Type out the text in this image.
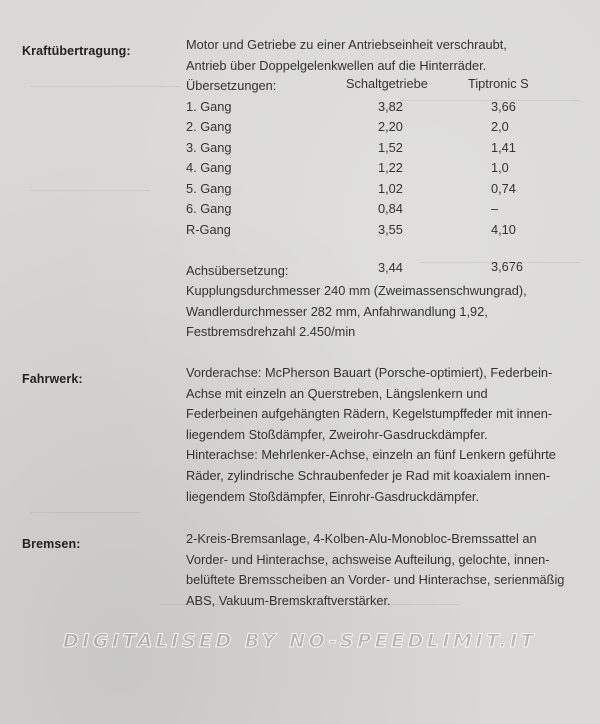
Kraftübertragung:	Motor und Getriebe zu einer Antriebseinheit verschraubt,

Antrieb über Doppelgelenkwellen auf die Hinterräder.

Übersetzungen:	Schaltgetriebe	Tiptronic S
1. Gang	3,82	3,66
2. Gang	2,20	2,0
3. Gang	1,52	1,41
4. Gang	1,22	1,0
5. Gang	1,02	0,74
6. Gang	0,84	–
R-Gang	3,55	4,10
Achsübersetzung:	3,44	3,676

Kupplungsdurchmesser 240 mm (Zweimassenschwungrad),

Wandlerdurchmesser 282 mm, Anfahrwandlung 1,92,

Festbremsdrehzahl 2.450/min

Fahrwerk:	Vorderachse: McPherson Bauart (Porsche-optimiert), Federbein-

Achse mit einzeln an Querstreben, Längslenkern und

Federbeinen aufgehängten Rädern, Kegelstumpffeder mit innen-

liegendem Stoßdämpfer, Zweirohr-Gasdruckdämpfer.

Hinterachse: Mehrlenker-Achse, einzeln an fünf Lenkern geführte

Räder, zylindrische Schraubenfeder je Rad mit koaxialem innen-

liegendem Stoßdämpfer, Einrohr-Gasdruckdämpfer.

Bremsen:	2-Kreis-Bremsanlage, 4-Kolben-Alu-Monobloc-Bremssattel an

Vorder- und Hinterachse, achsweise Aufteilung, gelochte, innen-

belüftete Bremsscheiben an Vorder- und Hinterachse, serienmäßig

ABS, Vakuum-Bremskraftverstärker.

DIGITALISED BY NO-SPEEDLIMIT.IT
